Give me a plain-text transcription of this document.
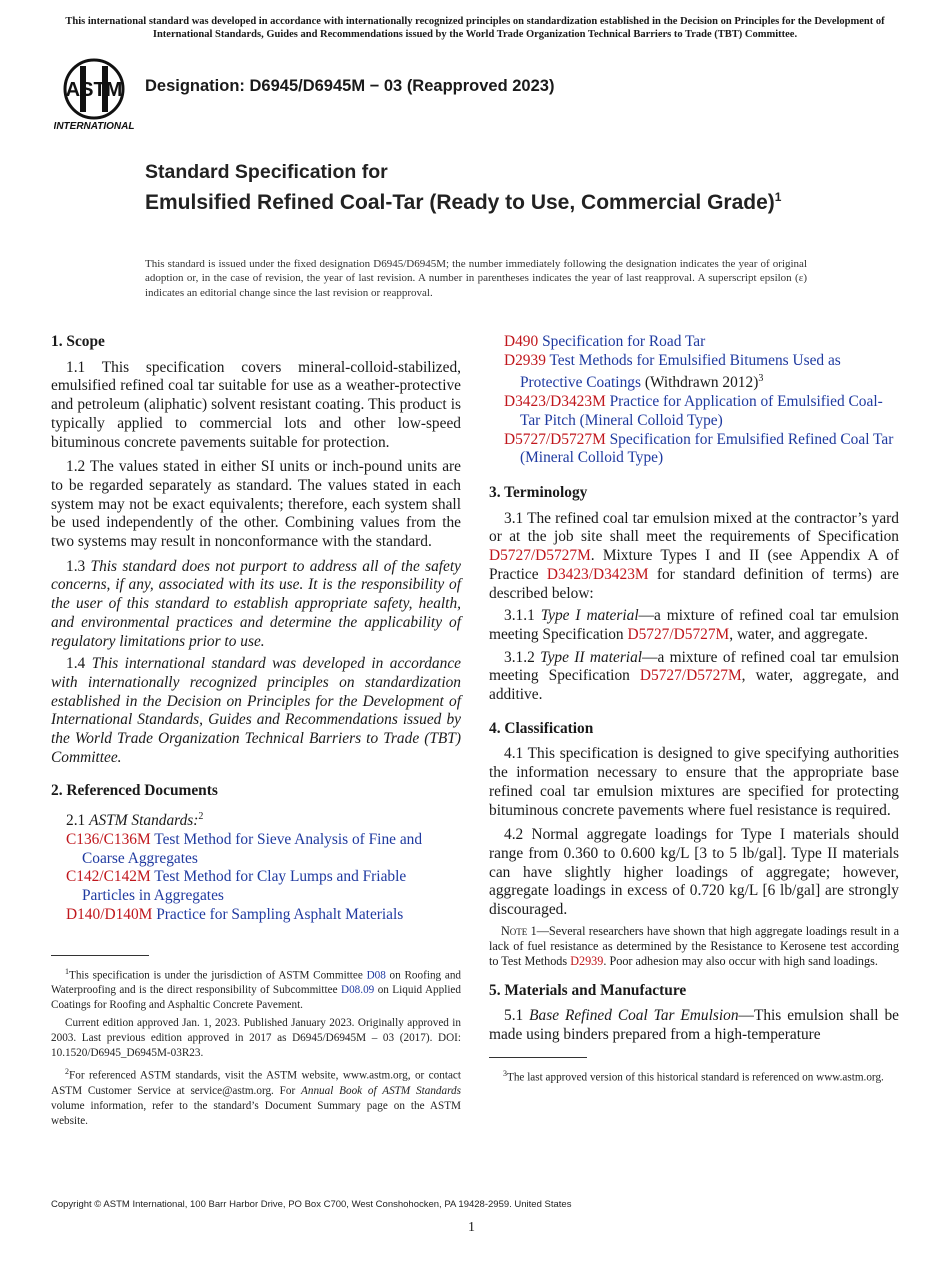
This international standard was developed in accordance with internationally recognized principles on standardization established in the Decision on Principles for the Development of International Standards, Guides and Recommendations issued by the World Trade Organization Technical Barriers to Trade (TBT) Committee.
ASTM
INTERNATIONAL
Designation: D6945/D6945M − 03 (Reapproved 2023)
Standard Specification for
Emulsified Refined Coal-Tar (Ready to Use, Commercial Grade)$^1$
This standard is issued under the fixed designation D6945/D6945M; the number immediately following the designation indicates the year of original adoption or, in the case of revision, the year of last revision. A number in parentheses indicates the year of last reapproval. A superscript epsilon (ε) indicates an editorial change since the last revision or reapproval.
1. Scope
1.1 This specification covers mineral-colloid-stabilized, emulsified refined coal tar suitable for use as a weather-protective and petroleum (aliphatic) solvent resistant coating. This product is typically applied to commercial lots and other low-speed bituminous concrete pavements suitable for protection.
1.2 The values stated in either SI units or inch-pound units are to be regarded separately as standard. The values stated in each system may not be exact equivalents; therefore, each system shall be used independently of the other. Combining values from the two systems may result in nonconformance with the standard.
1.3 This standard does not purport to address all of the safety concerns, if any, associated with its use. It is the responsibility of the user of this standard to establish appropriate safety, health, and environmental practices and determine the applicability of regulatory limitations prior to use.
1.4 This international standard was developed in accordance with internationally recognized principles on standardization established in the Decision on Principles for the Development of International Standards, Guides and Recommendations issued by the World Trade Organization Technical Barriers to Trade (TBT) Committee.
2. Referenced Documents
2.1 ASTM Standards:$^2$
C136/C136M Test Method for Sieve Analysis of Fine and Coarse Aggregates
C142/C142M Test Method for Clay Lumps and Friable Particles in Aggregates
D140/D140M Practice for Sampling Asphalt Materials
$^1$This specification is under the jurisdiction of ASTM Committee D08 on Roofing and Waterproofing and is the direct responsibility of Subcommittee D08.09 on Liquid Applied Coatings for Roofing and Asphaltic Concrete Pavement.
Current edition approved Jan. 1, 2023. Published January 2023. Originally approved in 2003. Last previous edition approved in 2017 as D6945/D6945M – 03 (2017). DOI: 10.1520/D6945_D6945M-03R23.
$^2$For referenced ASTM standards, visit the ASTM website, www.astm.org, or contact ASTM Customer Service at service@astm.org. For Annual Book of ASTM Standards volume information, refer to the standard’s Document Summary page on the ASTM website.
D490 Specification for Road Tar
D2939 Test Methods for Emulsified Bitumens Used as Protective Coatings (Withdrawn 2012)$^3$
D3423/D3423M Practice for Application of Emulsified Coal-Tar Pitch (Mineral Colloid Type)
D5727/D5727M Specification for Emulsified Refined Coal Tar (Mineral Colloid Type)
3. Terminology
3.1 The refined coal tar emulsion mixed at the contractor’s yard or at the job site shall meet the requirements of Specification D5727/D5727M. Mixture Types I and II (see Appendix A of Practice D3423/D3423M for standard definition of terms) are described below:
3.1.1 Type I material—a mixture of refined coal tar emulsion meeting Specification D5727/D5727M, water, and aggregate.
3.1.2 Type II material—a mixture of refined coal tar emulsion meeting Specification D5727/D5727M, water, aggregate, and additive.
4. Classification
4.1 This specification is designed to give specifying authorities the information necessary to ensure that the appropriate base refined coal tar emulsion mixtures are specified for protecting bituminous concrete pavements where fuel resistance is required.
4.2 Normal aggregate loadings for Type I materials should range from 0.360 to 0.600 kg/L [3 to 5 lb/gal]. Type II materials can have slightly higher loadings of aggregate; however, aggregate loadings in excess of 0.720 kg/L [6 lb/gal] are strongly discouraged.
Note 1—Several researchers have shown that high aggregate loadings result in a lack of fuel resistance as determined by the Resistance to Kerosene test according to Test Methods D2939. Poor adhesion may also occur with high sand loadings.
5. Materials and Manufacture
5.1 Base Refined Coal Tar Emulsion—This emulsion shall be made using binders prepared from a high-temperature
$^3$The last approved version of this historical standard is referenced on www.astm.org.
Copyright © ASTM International, 100 Barr Harbor Drive, PO Box C700, West Conshohocken, PA 19428-2959. United States
1
